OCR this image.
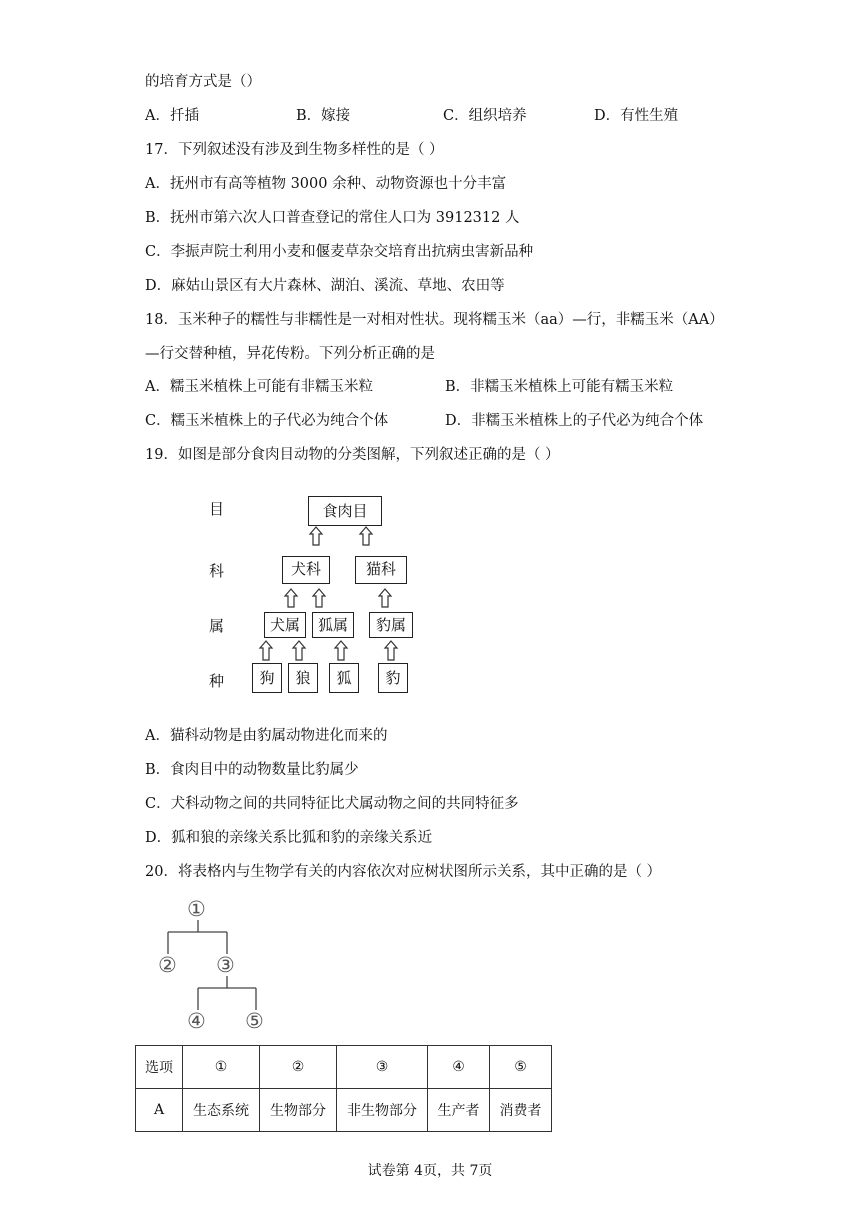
的培育方式是（）
A．扦插	B．嫁接	C．组织培养	D．有性生殖
17．下列叙述没有涉及到生物多样性的是（ ）
A．抚州市有高等植物 3000 余种、动物资源也十分丰富
B．抚州市第六次人口普查登记的常住人口为 3912312 人
C．李振声院士利用小麦和偃麦草杂交培育出抗病虫害新品种
D．麻姑山景区有大片森林、湖泊、溪流、草地、农田等
18．玉米种子的糯性与非糯性是一对相对性状。现将糯玉米（aa）—行，非糯玉米（AA）
—行交替种植，异花传粉。下列分析正确的是
A．糯玉米植株上可能有非糯玉米粒	B．非糯玉米植株上可能有糯玉米粒
C．糯玉米植株上的子代必为纯合个体	D．非糯玉米植株上的子代必为纯合个体
19．如图是部分食肉目动物的分类图解，下列叙述正确的是（ ）
目
科
属
种
食肉目
犬科	猫科
犬属	狐属	豹属
狗	狼	狐	豹
A．猫科动物是由豹属动物进化而来的
B．食肉目中的动物数量比豹属少
C．犬科动物之间的共同特征比犬属动物之间的共同特征多
D．狐和狼的亲缘关系比狐和豹的亲缘关系近
20．将表格内与生物学有关的内容依次对应树状图所示关系，其中正确的是（ ）
①
② ③
④ ⑤
选项	①	②	③	④	⑤
A	生态系统	生物部分	非生物部分	生产者	消费者
试卷第 4页，共 7页
